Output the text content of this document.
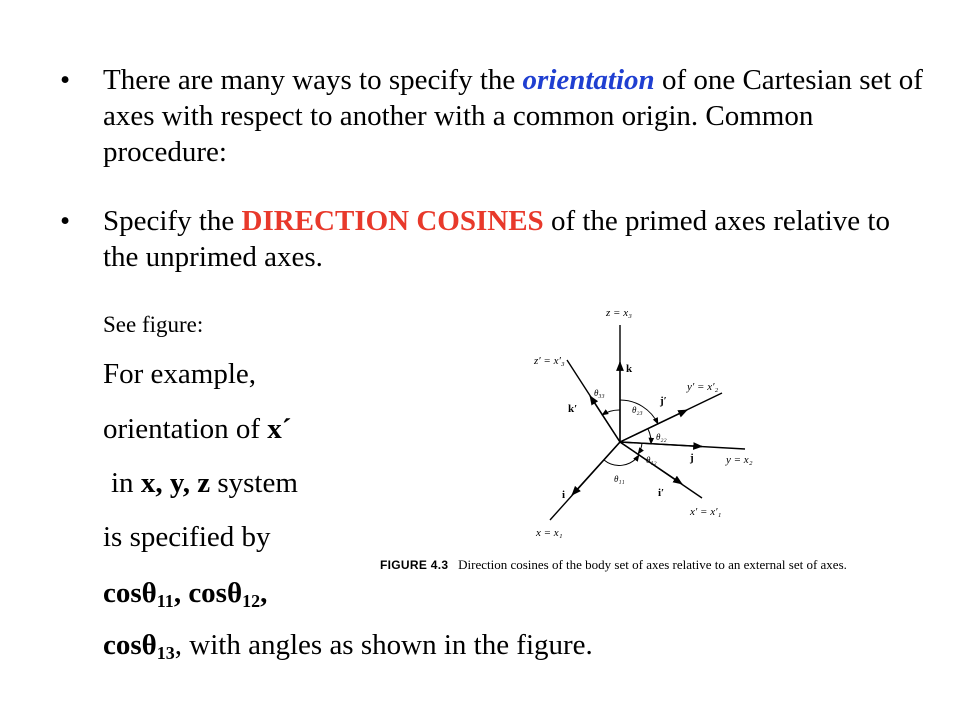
• There are many ways to specify the orientation of one Cartesian set of axes with respect to another with a common origin. Common procedure:
• Specify the DIRECTION COSINES of the primed axes relative to the unprimed axes.
See figure:
For example,
orientation of x´
in x, y, z system
is specified by
cosθ$_{11}$, cosθ$_{12}$,
cosθ$_{13}$, with angles as shown in the figure.
z = x₃
z′ = x′₃
y′ = x′₂
y = x₂
x′ = x′₁
x = x₁
k
k′
j′
j
i	i′
θ₃₃
θ₂₃
θ₂₂
θ₁₂
θ₁₁
FIGURE 4.3 Direction cosines of the body set of axes relative to an external set of axes.
